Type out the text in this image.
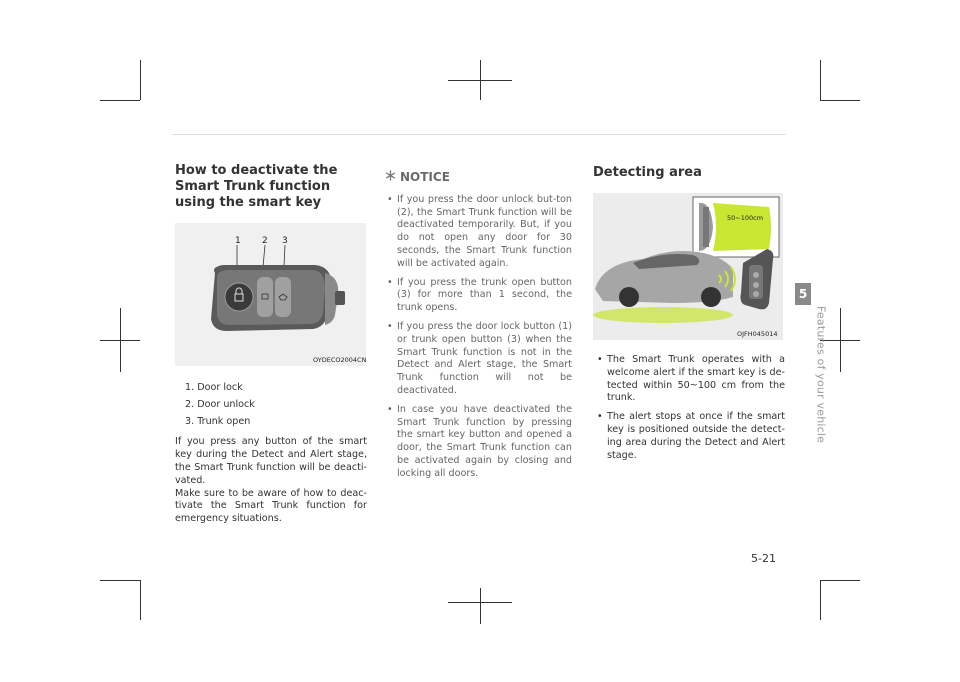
How to deactivate the Smart Trunk function using the smart key
1 2 3
OYDECO2004CN
1. Door lock
2. Door unlock
3. Trunk open

If you press any button of the smart key during the Detect and Alert stage, the Smart Trunk function will be deacti-vated.

Make sure to be aware of how to deac-tivate the Smart Trunk function for emergency situations.

NOTICE
• If you press the door unlock but-ton (2), the Smart Trunk function will be deactivated temporarily. But, if you do not open any door for 30 seconds, the Smart Trunk function will be activated again.
• If you press the trunk open button (3) for more than 1 second, the trunk opens.
• If you press the door lock button (1) or trunk open button (3) when the Smart Trunk function is not in the Detect and Alert stage, the Smart Trunk function will not be deactivated.
• In case you have deactivated the Smart Trunk function by pressing the smart key button and opened a door, the Smart Trunk function can be activated again by closing and locking all doors.
Detecting area
50~100cm
OJFH045014
• The Smart Trunk operates with a welcome alert if the smart key is de-tected within 50~100 cm from the trunk.
• The alert stops at once if the smart key is positioned outside the detect-ing area during the Detect and Alert stage.
5
Features of your vehicle
5-21
